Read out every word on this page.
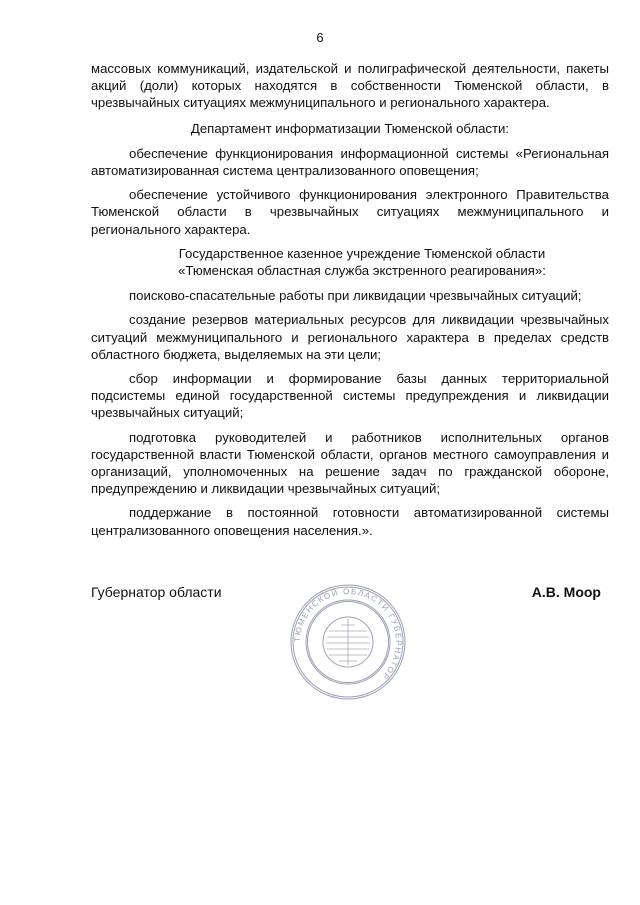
6

массовых коммуникаций, издательской и полиграфической деятельности, пакеты акций (доли) которых находятся в собственности Тюменской области, в чрезвычайных ситуациях межмуниципального и регионального характера.

Департамент информатизации Тюменской области:

обеспечение функционирования информационной системы «Региональная автоматизированная система централизованного оповещения;

обеспечение устойчивого функционирования электронного Правительства Тюменской области в чрезвычайных ситуациях межмуниципального и регионального характера.

Государственное казенное учреждение Тюменской области
«Тюменская областная служба экстренного реагирования»:

поисково-спасательные работы при ликвидации чрезвычайных ситуаций;

создание резервов материальных ресурсов для ликвидации чрезвычайных ситуаций межмуниципального и регионального характера в пределах средств областного бюджета, выделяемых на эти цели;

сбор информации и формирование базы данных территориальной подсистемы единой государственной системы предупреждения и ликвидации чрезвычайных ситуаций;

подготовка руководителей и работников исполнительных органов государственной власти Тюменской области, органов местного самоуправления и организаций, уполномоченных на решение задач по гражданской обороне, предупреждению и ликвидации чрезвычайных ситуаций;

поддержание в постоянной готовности автоматизированной системы централизованного оповещения населения.».

Губернатор области	А.В. Моор
ТЮМЕНСКОЙ ОБЛАСТИ ГУБЕРНАТОР
